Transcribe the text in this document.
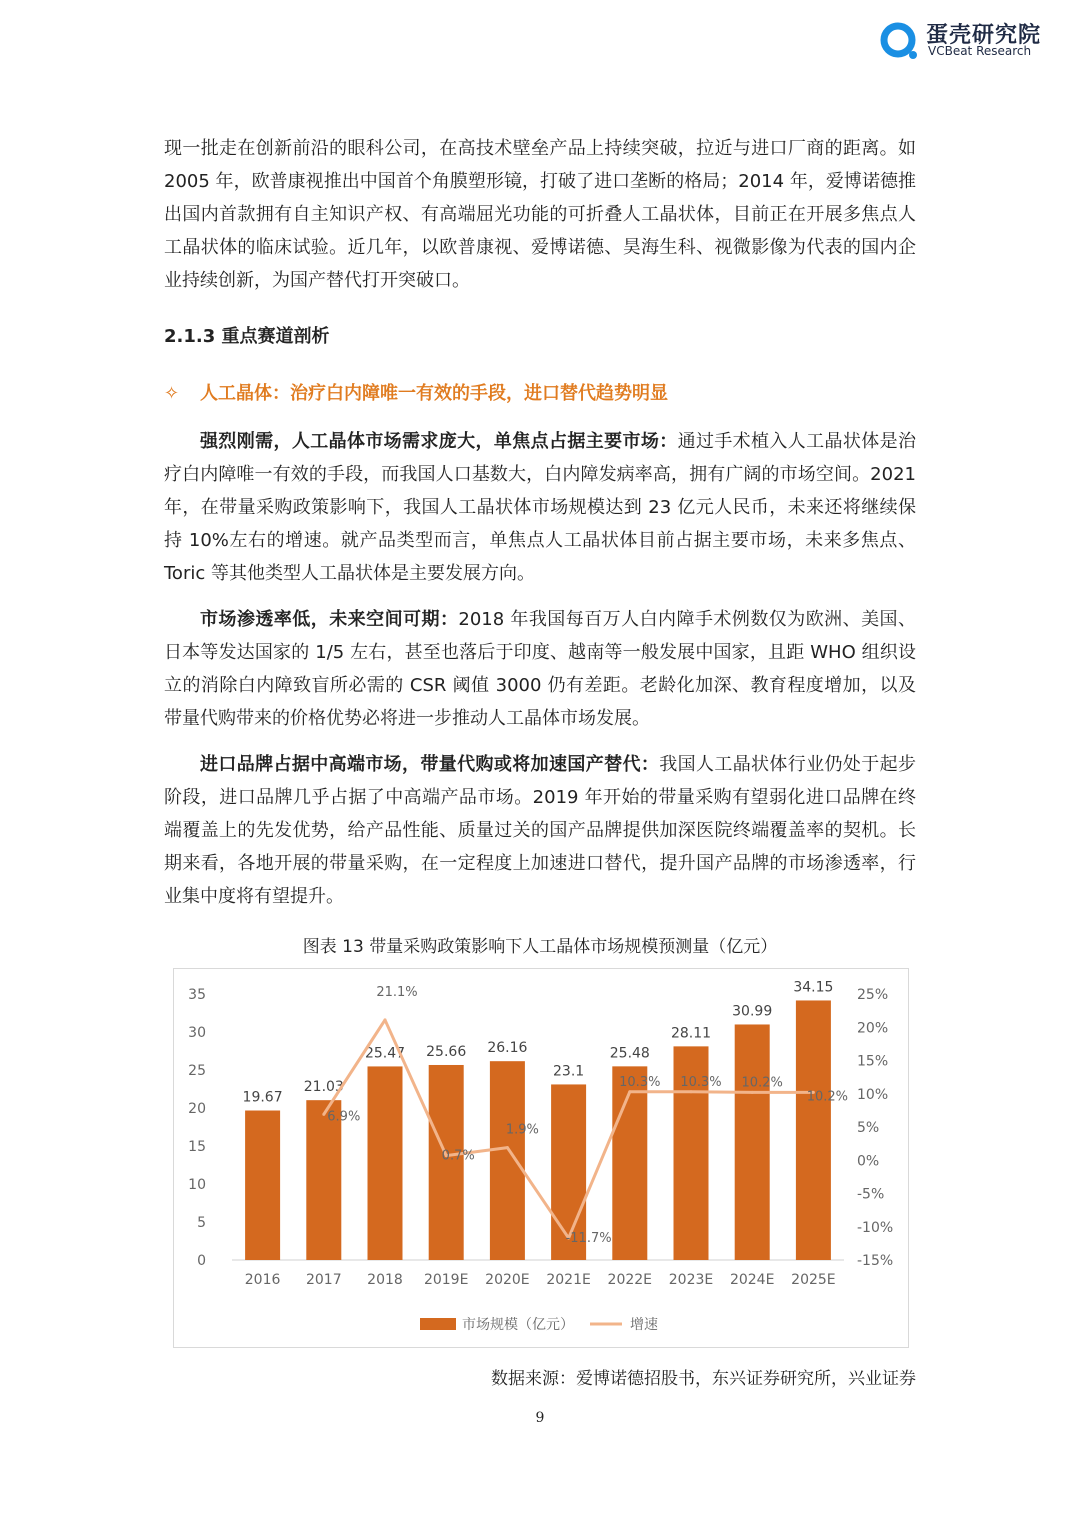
蛋壳研究院
VCBeat Research

现一批走在创新前沿的眼科公司，在高技术壁垒产品上持续突破，拉近与进口厂商的距离。如 2005 年，欧普康视推出中国首个角膜塑形镜，打破了进口垄断的格局；2014 年，爱博诺德推出国内首款拥有自主知识产权、有高端屈光功能的可折叠人工晶状体，目前正在开展多焦点人工晶状体的临床试验。近几年，以欧普康视、爱博诺德、昊海生科、视微影像为代表的国内企业持续创新，为国产替代打开突破口。

2.1.3 重点赛道剖析
✧ 人工晶体：治疗白内障唯一有效的手段，进口替代趋势明显

强烈刚需，人工晶体市场需求庞大，单焦点占据主要市场：通过手术植入人工晶状体是治疗白内障唯一有效的手段，而我国人口基数大，白内障发病率高，拥有广阔的市场空间。2021 年，在带量采购政策影响下，我国人工晶状体市场规模达到 23 亿元人民币，未来还将继续保持 10%左右的增速。就产品类型而言，单焦点人工晶状体目前占据主要市场，未来多焦点、Toric 等其他类型人工晶状体是主要发展方向。

市场渗透率低，未来空间可期：2018 年我国每百万人白内障手术例数仅为欧洲、美国、日本等发达国家的 1/5 左右，甚至也落后于印度、越南等一般发展中国家，且距 WHO 组织设立的消除白内障致盲所必需的 CSR 阈值 3000 仍有差距。老龄化加深、教育程度增加，以及带量代购带来的价格优势必将进一步推动人工晶体市场发展。

进口品牌占据中高端市场，带量代购或将加速国产替代：我国人工晶状体行业仍处于起步阶段，进口品牌几乎占据了中高端产品市场。2019 年开始的带量采购有望弱化进口品牌在终端覆盖上的先发优势，给产品性能、质量过关的国产品牌提供加深医院终端覆盖率的契机。长期来看，各地开展的带量采购，在一定程度上加速进口替代，提升国产品牌的市场渗透率，行业集中度将有望提升。

图表 13 带量采购政策影响下人工晶体市场规模预测量（亿元）
35
30
25
20
15
10
5
0
25%
20%
15%
10%
5%
0%
-5%
-10%
-15%
19.67
21.03
25.47 25.66 26.16
23.1
25.48
28.11
30.99
34.15
2016 2017 2018 2019E 2020E 2021E 2022E 2023E 2024E 2025E
6.9%
21.1%
0.7%
1.9%
-11.7%
10.3% 10.3% 10.2%
10.2%
市场规模（亿元）	增速
数据来源：爱博诺德招股书，东兴证券研究所，兴业证券
9
